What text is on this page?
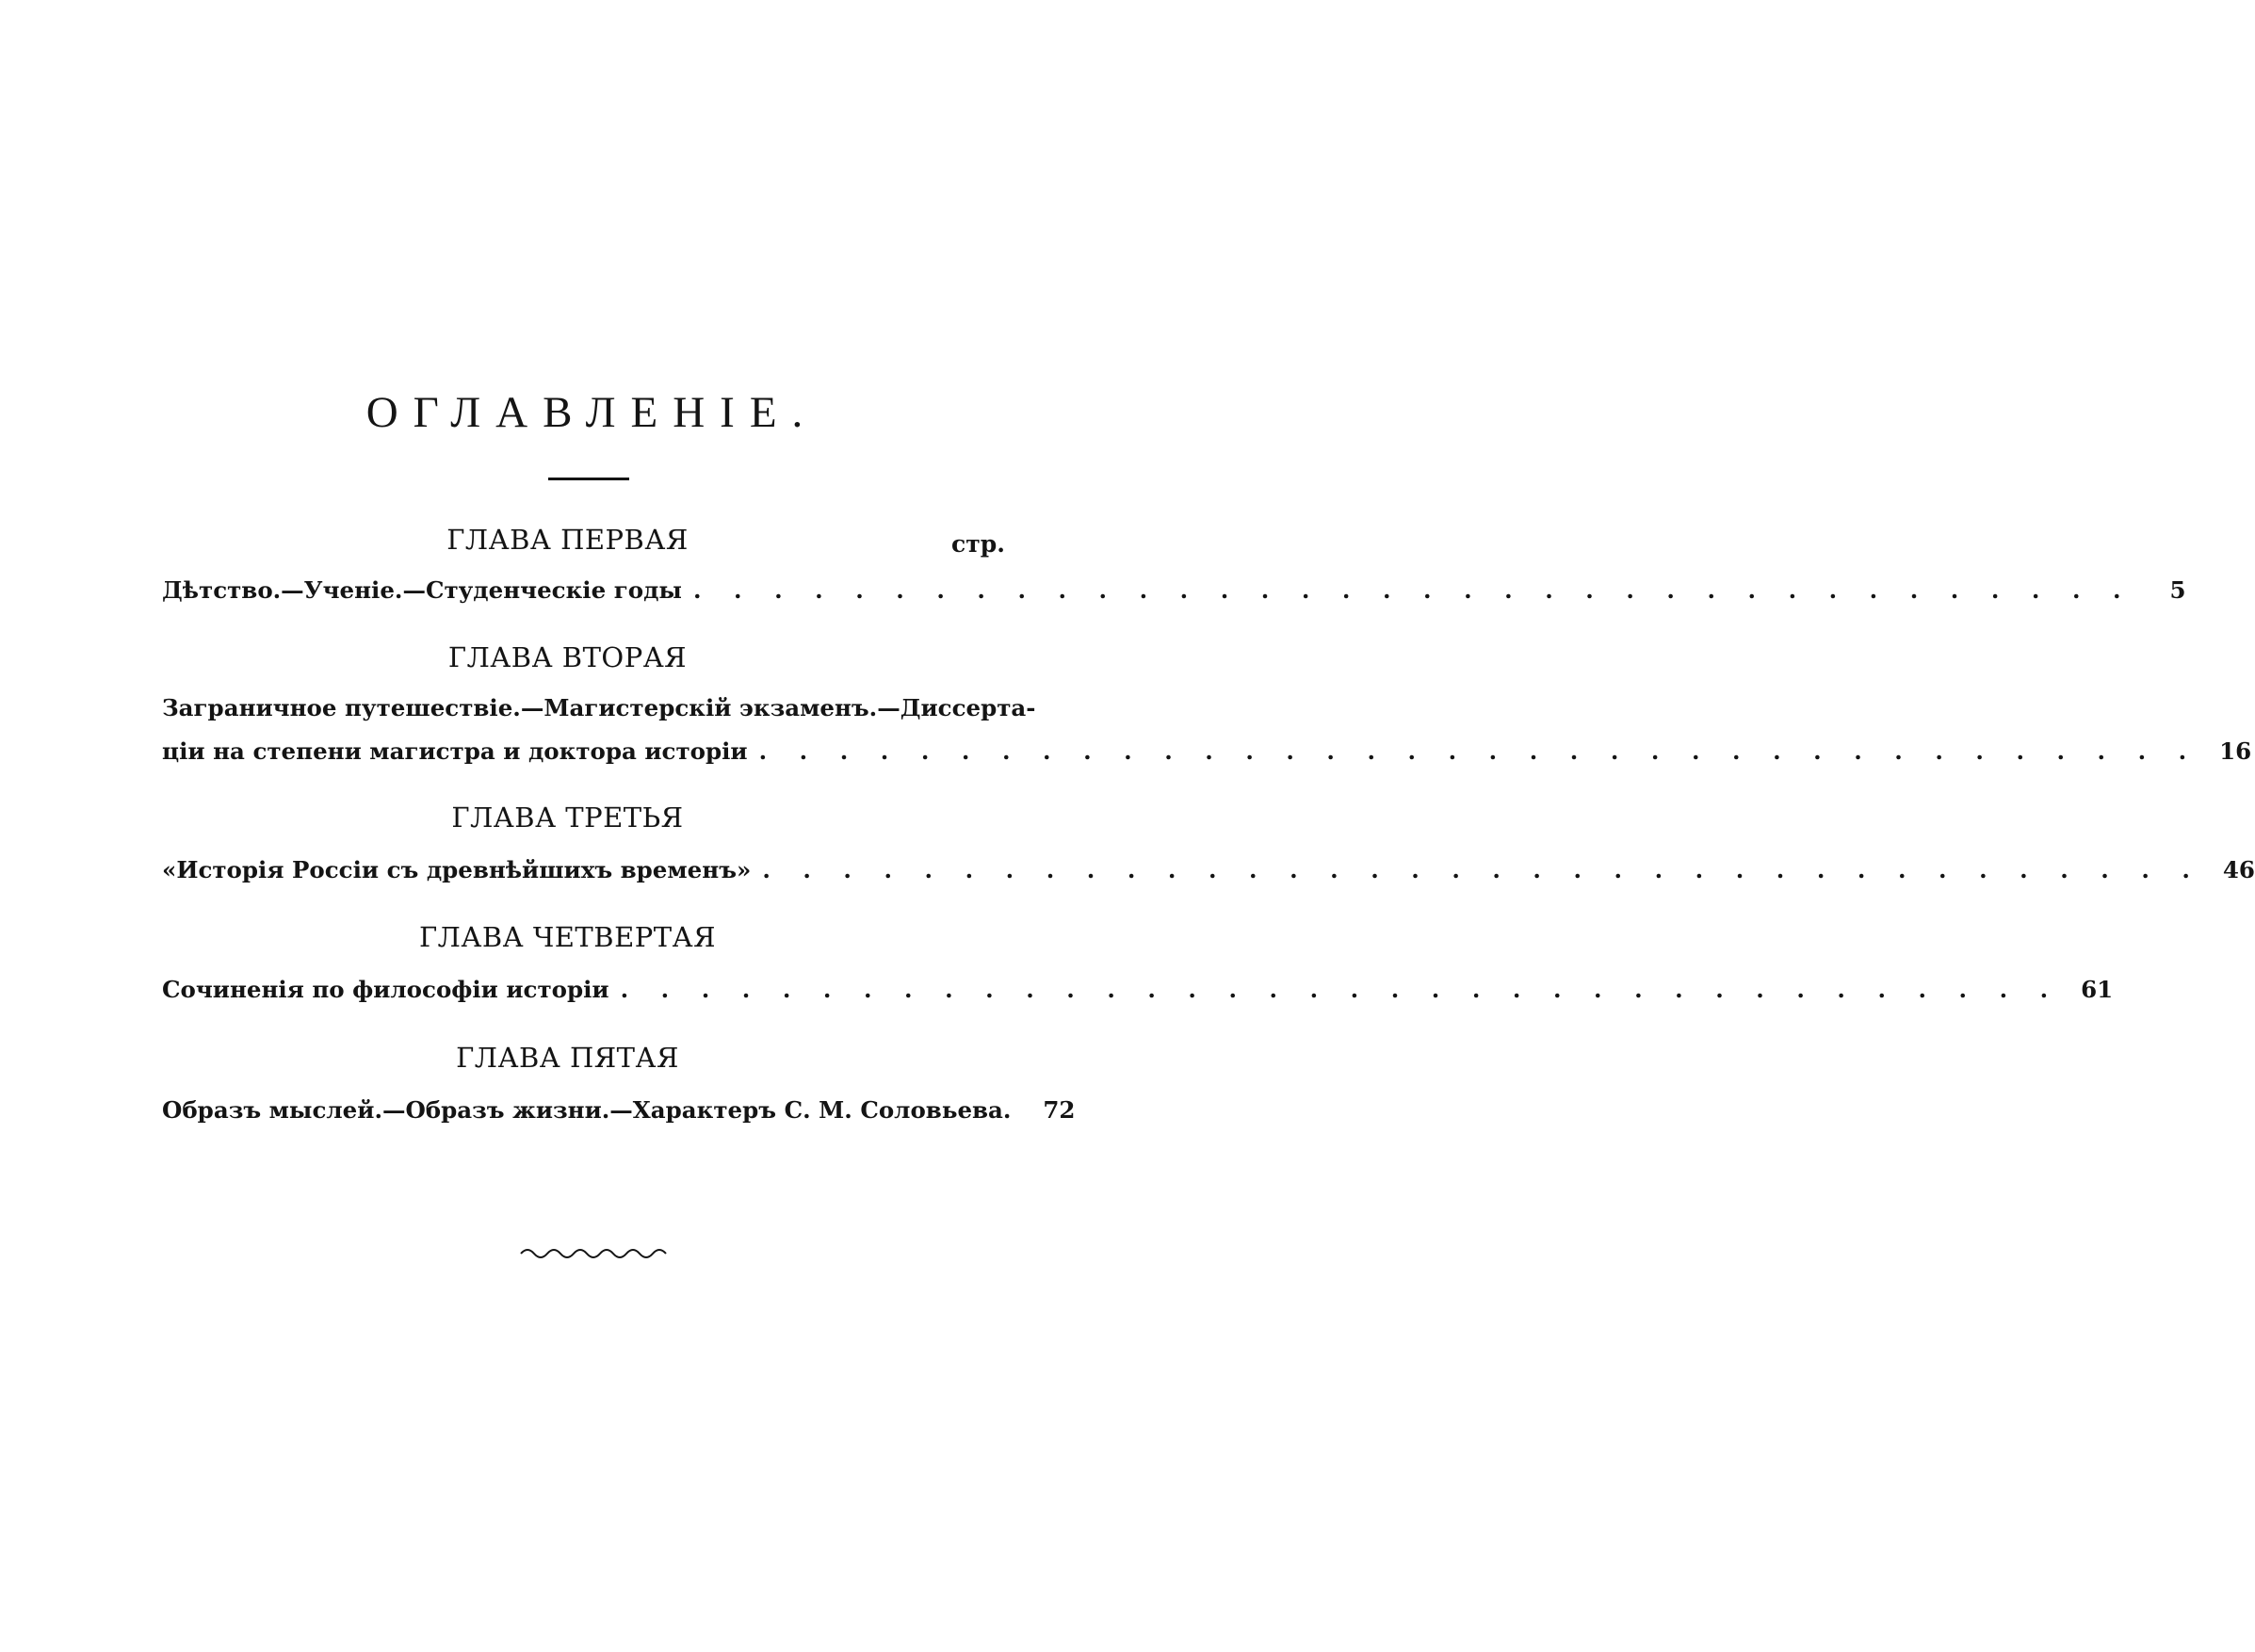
ОГЛАВЛЕНІЕ.
ГЛАВА ПЕРВАЯ	стр.
Дѣтство.—Ученіе.—Студенческіе годы . . . . . . . . . . . . . . . . . . . . . . . . . . . . . . . . . . . .	5
ГЛАВА ВТОРАЯ
Заграничное путешествіе.—Магистерскій экзаменъ.—Диссерта-
ціи на степени магистра и доктора исторіи . . . . . . . . . . . . . . . . . . . . . . . . . . . . . . . . . . . . 16
ГЛАВА ТРЕТЬЯ
«Исторія Россіи съ древнѣйшихъ временъ» . . . . . . . . . . . . . . . . . . . . . . . . . . . . . . . . . . . . 46
ГЛАВА ЧЕТВЕРТАЯ
Сочиненія по философіи исторіи . . . . . . . . . . . . . . . . . . . . . . . . . . . . . . . . . . . . 61
ГЛАВА ПЯТАЯ
Образъ мыслей.—Образъ жизни.—Характеръ С. М. Соловьева.	72
